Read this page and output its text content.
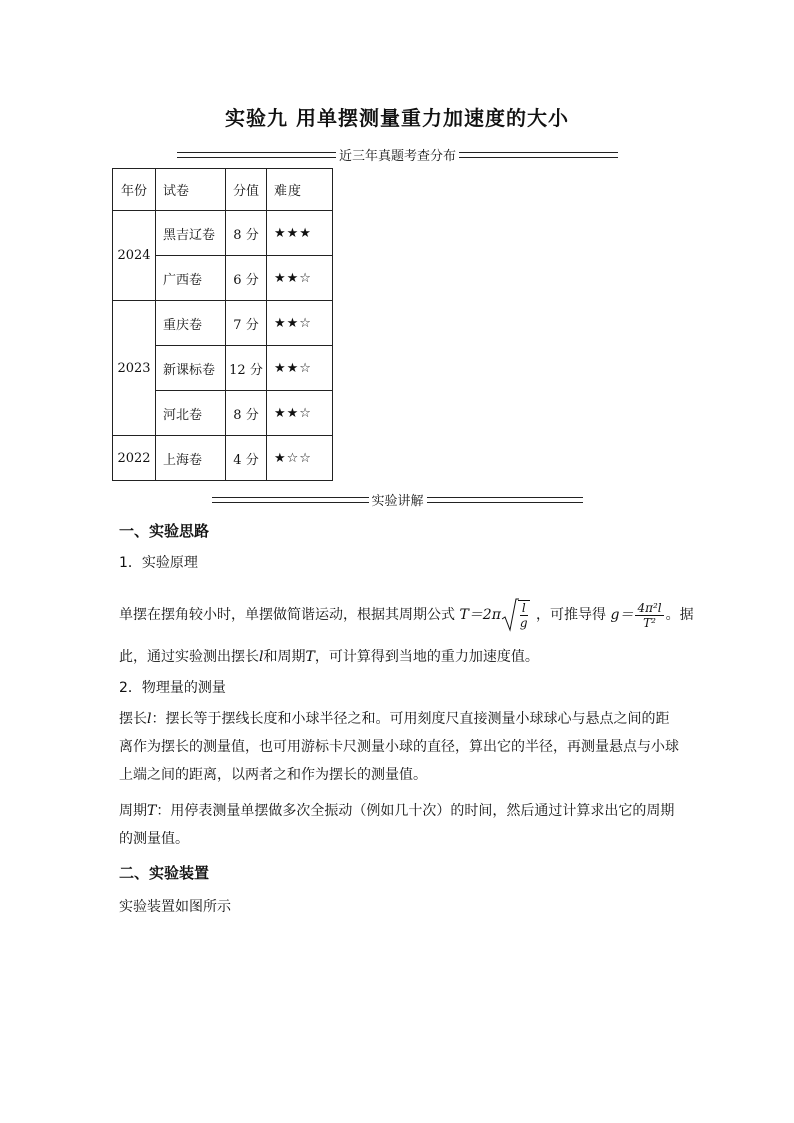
实验九 用单摆测量重力加速度的大小
近三年真题考查分布
年份	试卷	分值	难度
2024	黑吉辽卷	8 分	★★★
	广西卷	6 分	★★☆
2023	重庆卷	7 分	★★☆
	新课标卷	12 分	★★☆
	河北卷	8 分	★★☆
2022	上海卷	4 分	★☆☆
实验讲解
一、实验思路
1．实验原理
单摆在摆角较小时，单摆做简谐运动，根据其周期公式 $T=2\pi \frac{l}{g}$ ，可推导得 $g= \frac{\text{4π²l}}{\text{T²}}$ 。据
此，通过实验测出摆长l和周期T，可计算得到当地的重力加速度值。
2．物理量的测量
摆长l：摆长等于摆线长度和小球半径之和。可用刻度尺直接测量小球球心与悬点之间的距离作为摆长的测量值，也可用游标卡尺测量小球的直径，算出它的半径，再测量悬点与小球上端之间的距离，以两者之和作为摆长的测量值。
周期T：用停表测量单摆做多次全振动（例如几十次）的时间，然后通过计算求出它的周期的测量值。
二、实验装置
实验装置如图所示
